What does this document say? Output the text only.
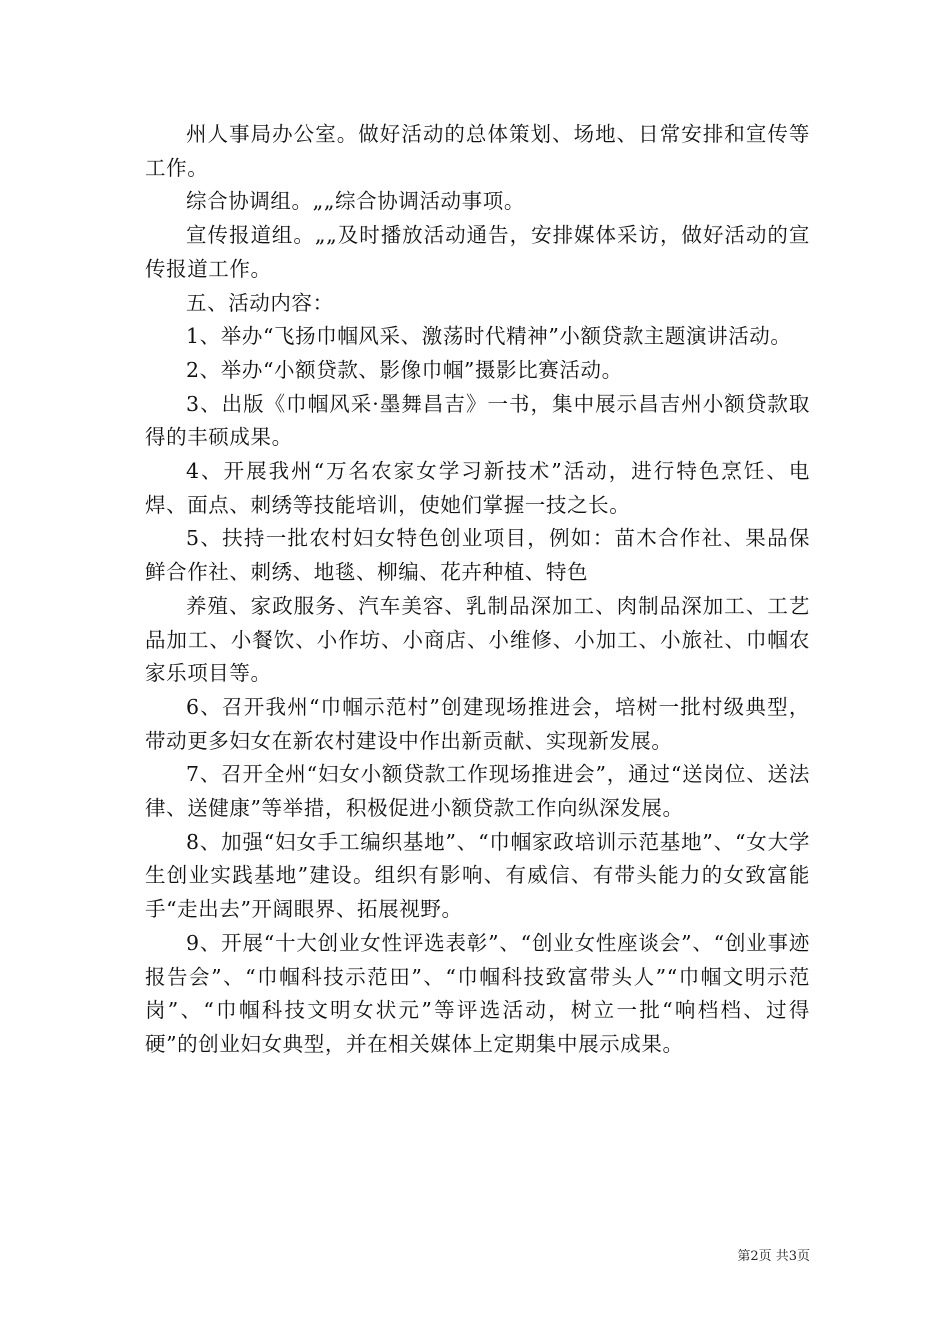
州人事局办公室。做好活动的总体策划、场地、日常安排和宣传等工作。

综合协调组。„„综合协调活动事项。

宣传报道组。„„及时播放活动通告，安排媒体采访，做好活动的宣传报道工作。

五、活动内容：

1、举办“飞扬巾帼风采、激荡时代精神”小额贷款主题演讲活动。

2、举办“小额贷款、影像巾帼”摄影比赛活动。

3、出版《巾帼风采·墨舞昌吉》一书，集中展示昌吉州小额贷款取得的丰硕成果。

4、开展我州“万名农家女学习新技术”活动，进行特色烹饪、电焊、面点、刺绣等技能培训，使她们掌握一技之长。

5、扶持一批农村妇女特色创业项目，例如：苗木合作社、果品保鲜合作社、刺绣、地毯、柳编、花卉种植、特色

养殖、家政服务、汽车美容、乳制品深加工、肉制品深加工、工艺品加工、小餐饮、小作坊、小商店、小维修、小加工、小旅社、巾帼农家乐项目等。

6、召开我州“巾帼示范村”创建现场推进会，培树一批村级典型，带动更多妇女在新农村建设中作出新贡献、实现新发展。

7、召开全州“妇女小额贷款工作现场推进会”，通过“送岗位、送法律、送健康”等举措，积极促进小额贷款工作向纵深发展。

8、加强“妇女手工编织基地”、“巾帼家政培训示范基地”、“女大学生创业实践基地”建设。组织有影响、有威信、有带头能力的女致富能手“走出去”开阔眼界、拓展视野。

9、开展“十大创业女性评选表彰”、“创业女性座谈会”、“创业事迹报告会”、“巾帼科技示范田”、“巾帼科技致富带头人”“巾帼文明示范岗”、“巾帼科技文明女状元”等评选活动，树立一批“响档档、过得硬”的创业妇女典型，并在相关媒体上定期集中展示成果。

第2页 共3页
